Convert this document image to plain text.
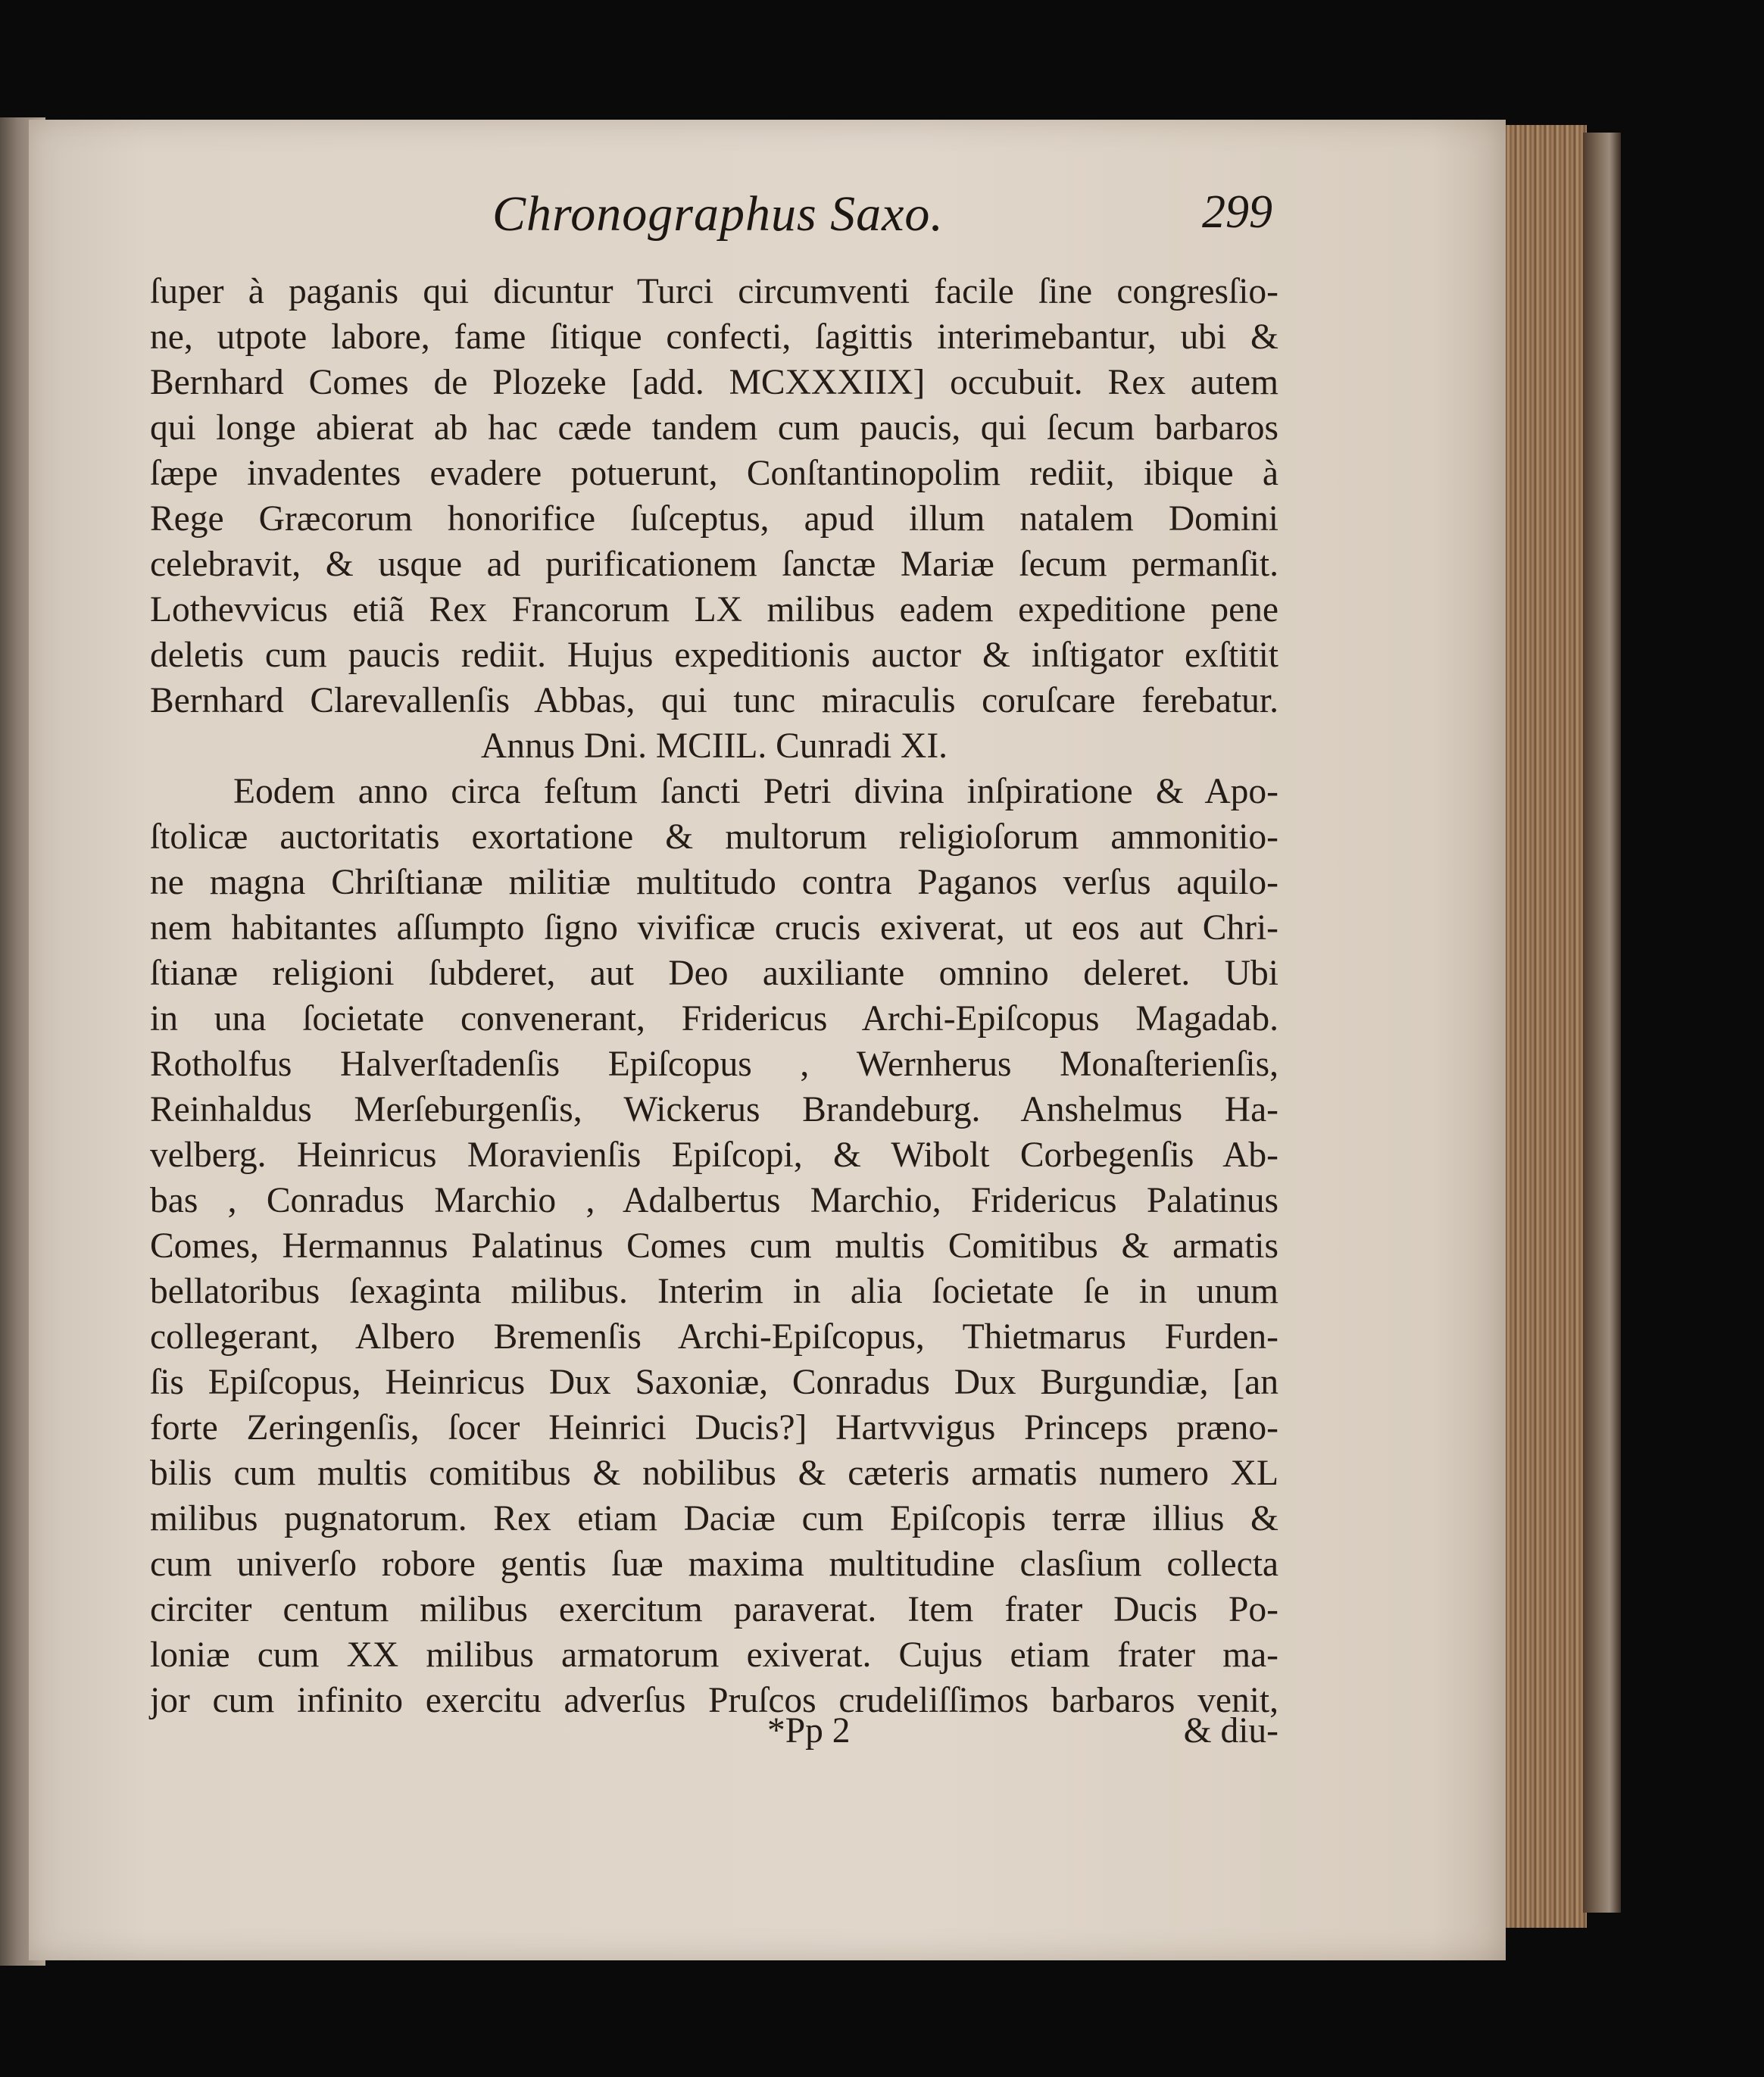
Chronographus Saxo.	299
ſuper à paganis qui dicuntur Turci circumventi facile ſine congresſio-
ne, utpote labore, fame ſitique confecti, ſagittis interimebantur, ubi &
Bernhard Comes de Plozeke [add. MCXXXIIX] occubuit. Rex autem
qui longe abierat ab hac cæde tandem cum paucis, qui ſecum barbaros
ſæpe invadentes evadere potuerunt, Conſtantinopolim rediit, ibique à
Rege Græcorum honorifice ſuſceptus, apud illum natalem Domini
celebravit, & usque ad purificationem ſanctæ Mariæ ſecum permanſit.
Lothevvicus etiã Rex Francorum LX milibus eadem expeditione pene
deletis cum paucis rediit. Hujus expeditionis auctor & inſtigator exſtitit
Bernhard Clarevallenſis Abbas, qui tunc miraculis coruſcare ferebatur.
Annus Dni. MCIIL. Cunradi XI.
Eodem anno circa feſtum ſancti Petri divina inſpiratione & Apo-
ſtolicæ auctoritatis exortatione & multorum religioſorum ammonitio-
ne magna Chriſtianæ militiæ multitudo contra Paganos verſus aquilo-
nem habitantes aſſumpto ſigno vivificæ crucis exiverat, ut eos aut Chri-
ſtianæ religioni ſubderet, aut Deo auxiliante omnino deleret. Ubi
in una ſocietate convenerant, Fridericus Archi-Epiſcopus Magadab.
Rotholfus Halverſtadenſis Epiſcopus , Wernherus Monaſterienſis,
Reinhaldus Merſeburgenſis, Wickerus Brandeburg. Anshelmus Ha-
velberg. Heinricus Moravienſis Epiſcopi, & Wibolt Corbegenſis Ab-
bas , Conradus Marchio , Adalbertus Marchio, Fridericus Palatinus
Comes, Hermannus Palatinus Comes cum multis Comitibus & armatis
bellatoribus ſexaginta milibus. Interim in alia ſocietate ſe in unum
collegerant, Albero Bremenſis Archi-Epiſcopus, Thietmarus Furden-
ſis Epiſcopus, Heinricus Dux Saxoniæ, Conradus Dux Burgundiæ, [an
forte Zeringenſis, ſocer Heinrici Ducis?] Hartvvigus Princeps præno-
bilis cum multis comitibus & nobilibus & cæteris armatis numero XL
milibus pugnatorum. Rex etiam Daciæ cum Epiſcopis terræ illius &
cum univerſo robore gentis ſuæ maxima multitudine clasſium collecta
circiter centum milibus exercitum paraverat. Item frater Ducis Po-
loniæ cum XX milibus armatorum exiverat. Cujus etiam frater ma-
jor cum infinito exercitu adverſus Pruſcos crudeliſſimos barbaros venit,
*Pp 2	& diu-
